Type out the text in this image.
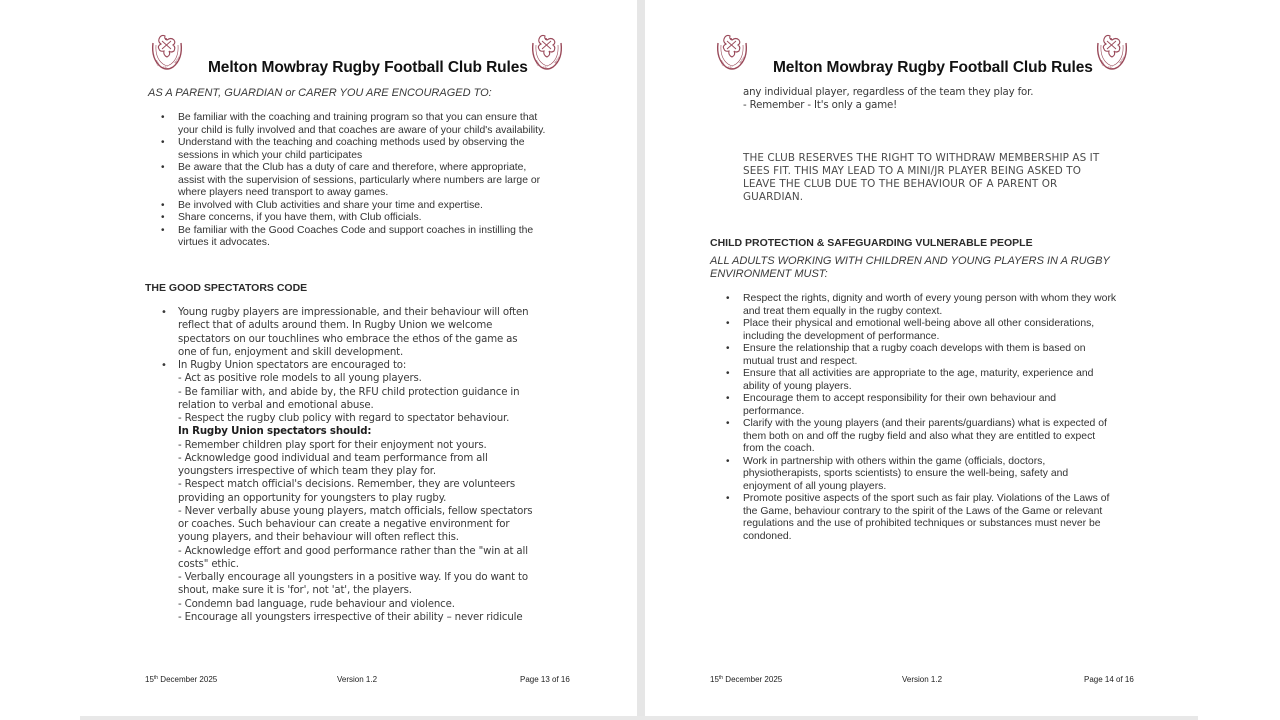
Melton Mowbray Rugby Football Club Rules
AS A PARENT, GUARDIAN or CARER YOU ARE ENCOURAGED TO:
• Be familiar with the coaching and training program so that you can ensure that
your child is fully involved and that coaches are aware of your child's availability.
• Understand with the teaching and coaching methods used by observing the
sessions in which your child participates
• Be aware that the Club has a duty of care and therefore, where appropriate,
assist with the supervision of sessions, particularly where numbers are large or
where players need transport to away games.
• Be involved with Club activities and share your time and expertise.
• Share concerns, if you have them, with Club officials.
• Be familiar with the Good Coaches Code and support coaches in instilling the
virtues it advocates.
THE GOOD SPECTATORS CODE
• Young rugby players are impressionable, and their behaviour will often
reflect that of adults around them. In Rugby Union we welcome
spectators on our touchlines who embrace the ethos of the game as
one of fun, enjoyment and skill development.
• In Rugby Union spectators are encouraged to:
- Act as positive role models to all young players.
- Be familiar with, and abide by, the RFU child protection guidance in
relation to verbal and emotional abuse.
- Respect the rugby club policy with regard to spectator behaviour.
In Rugby Union spectators should:
- Remember children play sport for their enjoyment not yours.
- Acknowledge good individual and team performance from all
youngsters irrespective of which team they play for.
- Respect match official's decisions. Remember, they are volunteers
providing an opportunity for youngsters to play rugby.
- Never verbally abuse young players, match officials, fellow spectators
or coaches. Such behaviour can create a negative environment for
young players, and their behaviour will often reflect this.
- Acknowledge effort and good performance rather than the "win at all
costs" ethic.
- Verbally encourage all youngsters in a positive way. If you do want to
shout, make sure it is 'for', not 'at', the players.
- Condemn bad language, rude behaviour and violence.
- Encourage all youngsters irrespective of their ability – never ridicule
15th December 2025	Version 1.2	Page 13 of 16
Melton Mowbray Rugby Football Club Rules
any individual player, regardless of the team they play for.
- Remember - It's only a game!
THE CLUB RESERVES THE RIGHT TO WITHDRAW MEMBERSHIP AS IT
SEES FIT. THIS MAY LEAD TO A MINI/JR PLAYER BEING ASKED TO
LEAVE THE CLUB DUE TO THE BEHAVIOUR OF A PARENT OR
GUARDIAN.
CHILD PROTECTION & SAFEGUARDING VULNERABLE PEOPLE
ALL ADULTS WORKING WITH CHILDREN AND YOUNG PLAYERS IN A RUGBY
ENVIRONMENT MUST:
• Respect the rights, dignity and worth of every young person with whom they work
and treat them equally in the rugby context.
• Place their physical and emotional well-being above all other considerations,
including the development of performance.
• Ensure the relationship that a rugby coach develops with them is based on
mutual trust and respect.
• Ensure that all activities are appropriate to the age, maturity, experience and
ability of young players.
• Encourage them to accept responsibility for their own behaviour and
performance.
• Clarify with the young players (and their parents/guardians) what is expected of
them both on and off the rugby field and also what they are entitled to expect
from the coach.
• Work in partnership with others within the game (officials, doctors,
physiotherapists, sports scientists) to ensure the well-being, safety and
enjoyment of all young players.
• Promote positive aspects of the sport such as fair play. Violations of the Laws of
the Game, behaviour contrary to the spirit of the Laws of the Game or relevant
regulations and the use of prohibited techniques or substances must never be
condoned.
15th December 2025	Version 1.2	Page 14 of 16
